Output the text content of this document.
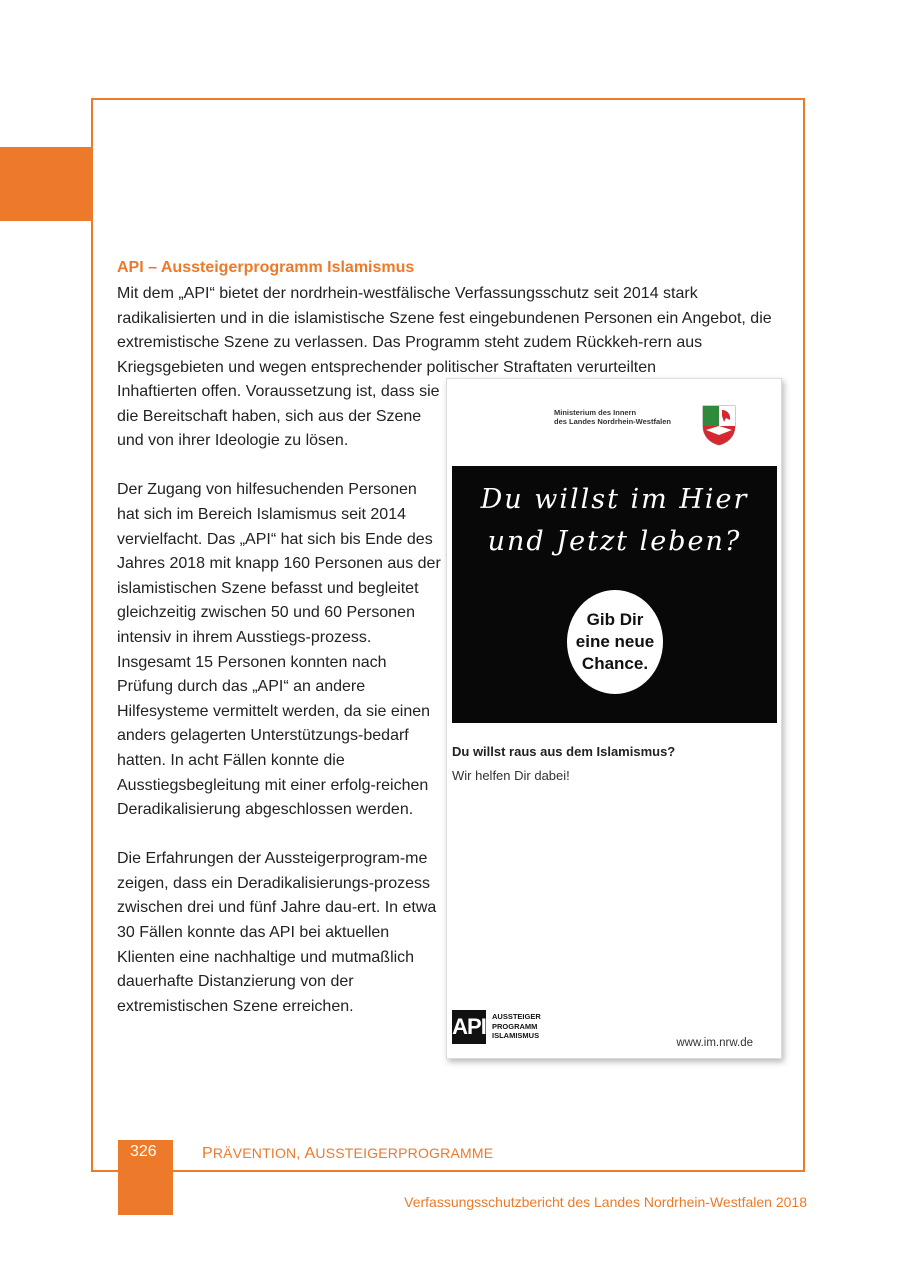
API – Aussteigerprogramm Islamismus

Mit dem „API“ bietet der nordrhein-westfälische Verfassungsschutz seit 2014 stark radikalisierten und in die islamistische Szene fest eingebundenen Personen ein Angebot, die extremistische Szene zu verlassen. Das Programm steht zudem Rückkeh-rern aus Kriegsgebieten und wegen entsprechender politischer Straftaten verurteilten

Inhaftierten offen. Voraussetzung ist, dass sie die Bereitschaft haben, sich aus der Szene und von ihrer Ideologie zu lösen.

Der Zugang von hilfesuchenden Personen hat sich im Bereich Islamismus seit 2014 vervielfacht. Das „API“ hat sich bis Ende des Jahres 2018 mit knapp 160 Personen aus der islamistischen Szene befasst und begleitet gleichzeitig zwischen 50 und 60 Personen intensiv in ihrem Ausstiegs-prozess. Insgesamt 15 Personen konnten nach Prüfung durch das „API“ an andere Hilfesysteme vermittelt werden, da sie einen anders gelagerten Unterstützungs-bedarf hatten. In acht Fällen konnte die Ausstiegsbegleitung mit einer erfolg-reichen Deradikalisierung abgeschlossen werden.

Die Erfahrungen der Aussteigerprogram-me zeigen, dass ein Deradikalisierungs-prozess zwischen drei und fünf Jahre dau-ert. In etwa 30 Fällen konnte das API bei aktuellen Klienten eine nachhaltige und mutmaßlich dauerhafte Distanzierung von der extremistischen Szene erreichen.

Ministerium des Innern
des Landes Nordrhein-Westfalen
Du willst im Hier
und Jetzt leben?
Gib Dir
eine neue
Chance.
Du willst raus aus dem Islamismus?
Wir helfen Dir dabei!
API AUSSTEIGER
PROGRAMM
ISLAMISMUS
www.im.nrw.de
326	PRÄVENTION, AUSSTEIGERPROGRAMME
Verfassungsschutzbericht des Landes Nordrhein-Westfalen 2018
